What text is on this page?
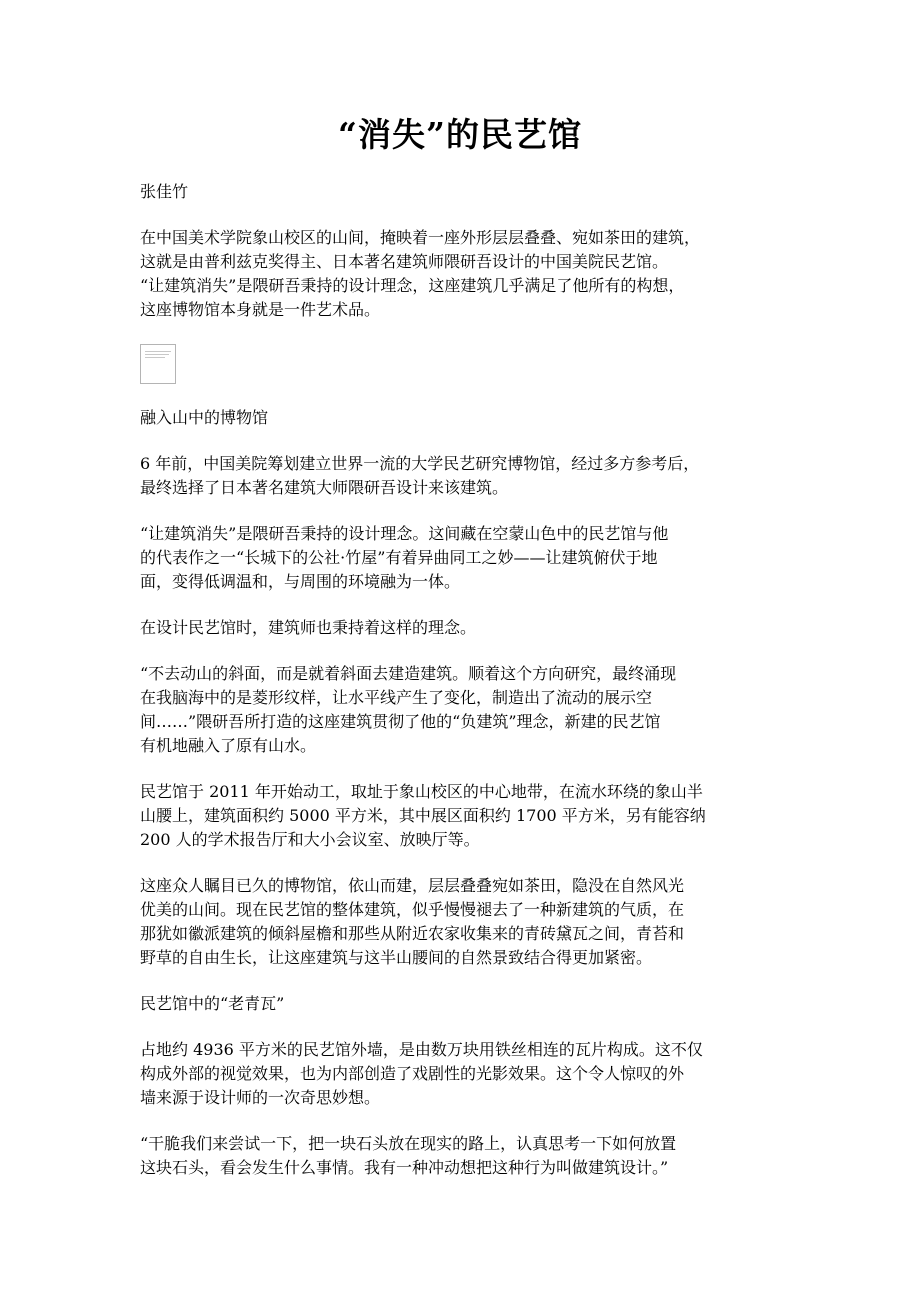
“消失”的民艺馆

张佳竹

在中国美术学院象山校区的山间，掩映着一座外形层层叠叠、宛如茶田的建筑，
这就是由普利兹克奖得主、日本著名建筑师隈研吾设计的中国美院民艺馆。
“让建筑消失”是隈研吾秉持的设计理念，这座建筑几乎满足了他所有的构想，
这座博物馆本身就是一件艺术品。

融入山中的博物馆

6 年前，中国美院筹划建立世界一流的大学民艺研究博物馆，经过多方参考后，
最终选择了日本著名建筑大师隈研吾设计来该建筑。

“让建筑消失”是隈研吾秉持的设计理念。这间藏在空蒙山色中的民艺馆与他
的代表作之一“长城下的公社·竹屋”有着异曲同工之妙——让建筑俯伏于地
面，变得低调温和，与周围的环境融为一体。

在设计民艺馆时，建筑师也秉持着这样的理念。

“不去动山的斜面，而是就着斜面去建造建筑。顺着这个方向研究，最终涌现
在我脑海中的是菱形纹样，让水平线产生了变化，制造出了流动的展示空
间……”隈研吾所打造的这座建筑贯彻了他的“负建筑”理念，新建的民艺馆
有机地融入了原有山水。

民艺馆于 2011 年开始动工，取址于象山校区的中心地带，在流水环绕的象山半
山腰上，建筑面积约 5000 平方米，其中展区面积约 1700 平方米，另有能容纳
200 人的学术报告厅和大小会议室、放映厅等。

这座众人瞩目已久的博物馆，依山而建，层层叠叠宛如茶田，隐没在自然风光
优美的山间。现在民艺馆的整体建筑，似乎慢慢褪去了一种新建筑的气质，在
那犹如徽派建筑的倾斜屋檐和那些从附近农家收集来的青砖黛瓦之间，青苔和
野草的自由生长，让这座建筑与这半山腰间的自然景致结合得更加紧密。

民艺馆中的“老青瓦”

占地约 4936 平方米的民艺馆外墙，是由数万块用铁丝相连的瓦片构成。这不仅
构成外部的视觉效果，也为内部创造了戏剧性的光影效果。这个令人惊叹的外
墙来源于设计师的一次奇思妙想。

“干脆我们来尝试一下，把一块石头放在现实的路上，认真思考一下如何放置
这块石头，看会发生什么事情。我有一种冲动想把这种行为叫做建筑设计。”
